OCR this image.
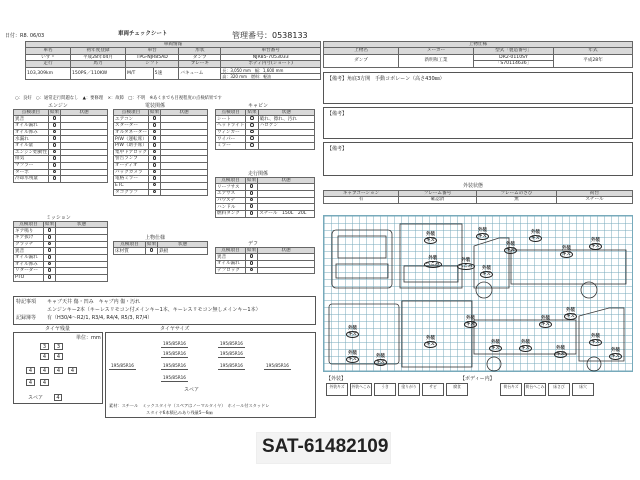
日付：R8. 06/03	車両チェックシート	管理番号：0538133
車両情報					
車名	初年度登録	車台		形状	車台番号
いすゞ	平成28年04月	TPG-NJR85AD		ダンプ	NJR85-7053033
走行	馬力	シフト		ブレーキ	ボディ内寸(ショート)
103,309km	150PS／110KW	M/T	5速	バキューム	長：3,050 mm　 幅：1,600 mm
					高：320 mm　 燃料：軽油
○：良好　○：通常走行問題なし　▲：要修理　×：故障　□：不明　※あくまでも目視程度の点検結果です
エンジン
点検項目	結果	状態
異音		
オイル漏れ		
オイル滲み		
水漏れ		
オイル量		
エンジン始動性		
排気		
マフラー		
ターボ		
冷却水残量		
ミッション
点検項目	結果	状態
ギア鳴り		
ギア抜け		
クラッチ		
異音		
オイル漏れ		
オイル滲み		
リターダー		
PTO		
電装関係
点検項目	結果	状態
エアコン		
スターター		
オルタネーター		
P/W（運転席）		
P/W（助手席）		
集中ドアロック		
警告ランプ		
オーディオ		
バックカメラ		
電格ミラー		
ETC		
タコグラフ		
上物仕様
点検項目	結果	状態
床材質		鉄板
キャビン
点検項目	結果	状態
シート		破れ、擦れ、汚れ
ヘッドライト		ハロゲン
ウィンカー		
ワイパー		
ミラー		
走行関係
点検項目	結果	状態
リーフサス		
エアサス		
パワステ		
ハンドル		
燃料タンク		スチール　150L　20L
デフ
点検項目	結果	状態
異音		
オイル漏れ		
デフロック		
特記事項 キャブ天井 傷・凹み　キャブ内 傷・汚れ
エンジンキー2本（キーレスリモコン付メインキー1本、キーレスリモコン無しメインキー1本）
記録簿等 有（H30/4〜R2/1, R3/4, R4/4, R5/3, R7/4）
タイヤ残量
単位：mm
3	3
4	4
4	4	4	4
4	4
スペア	4
タイヤサイズ
スペア
素材：スチール　ミックスタイヤ（スペアはノーマルタイヤ）　ホイール付スタッドレ
スタイヤ6本積込みあり残量5〜6㎜
195/85R16	195/85R16
195/85R16	195/85R16
195/85R16	195/85R16	195/85R16	195/85R16
195/85R16
上物仕様			
上物名	メーカー	型式「製造番号」	年式
ダンプ	新明和工業	DR2-0110SY	平成28年
		「S70114636」	
【備考】角底3方開　手動コボレーン（高さ430㎜）
【備考】
【備考】
外装状態
キャブコーション	フレーム番号	フレームのさび	荷台
有	確認済	無	スチール
外装
キズ
外装
キズ
外装
キズ
外装
キズ
外装
キズ
外装
へこみ
外装
へこみ	外装
キズ
外装
キズ
外装
キズ
外装
キズ
外装
キズ
外装
キズ
外装
キズ
外装
キズ
外装
キズ
外装
キズ
外装
キズ
外装
キズ
外装
キズ
外装
キズ
【外装】	【ボディー内】
外装キズ	外装へこみ	うき	塗りがり	サビ	腐食	荷台キズ	荷台へこみ	床さび	床穴
SAT-61482109
